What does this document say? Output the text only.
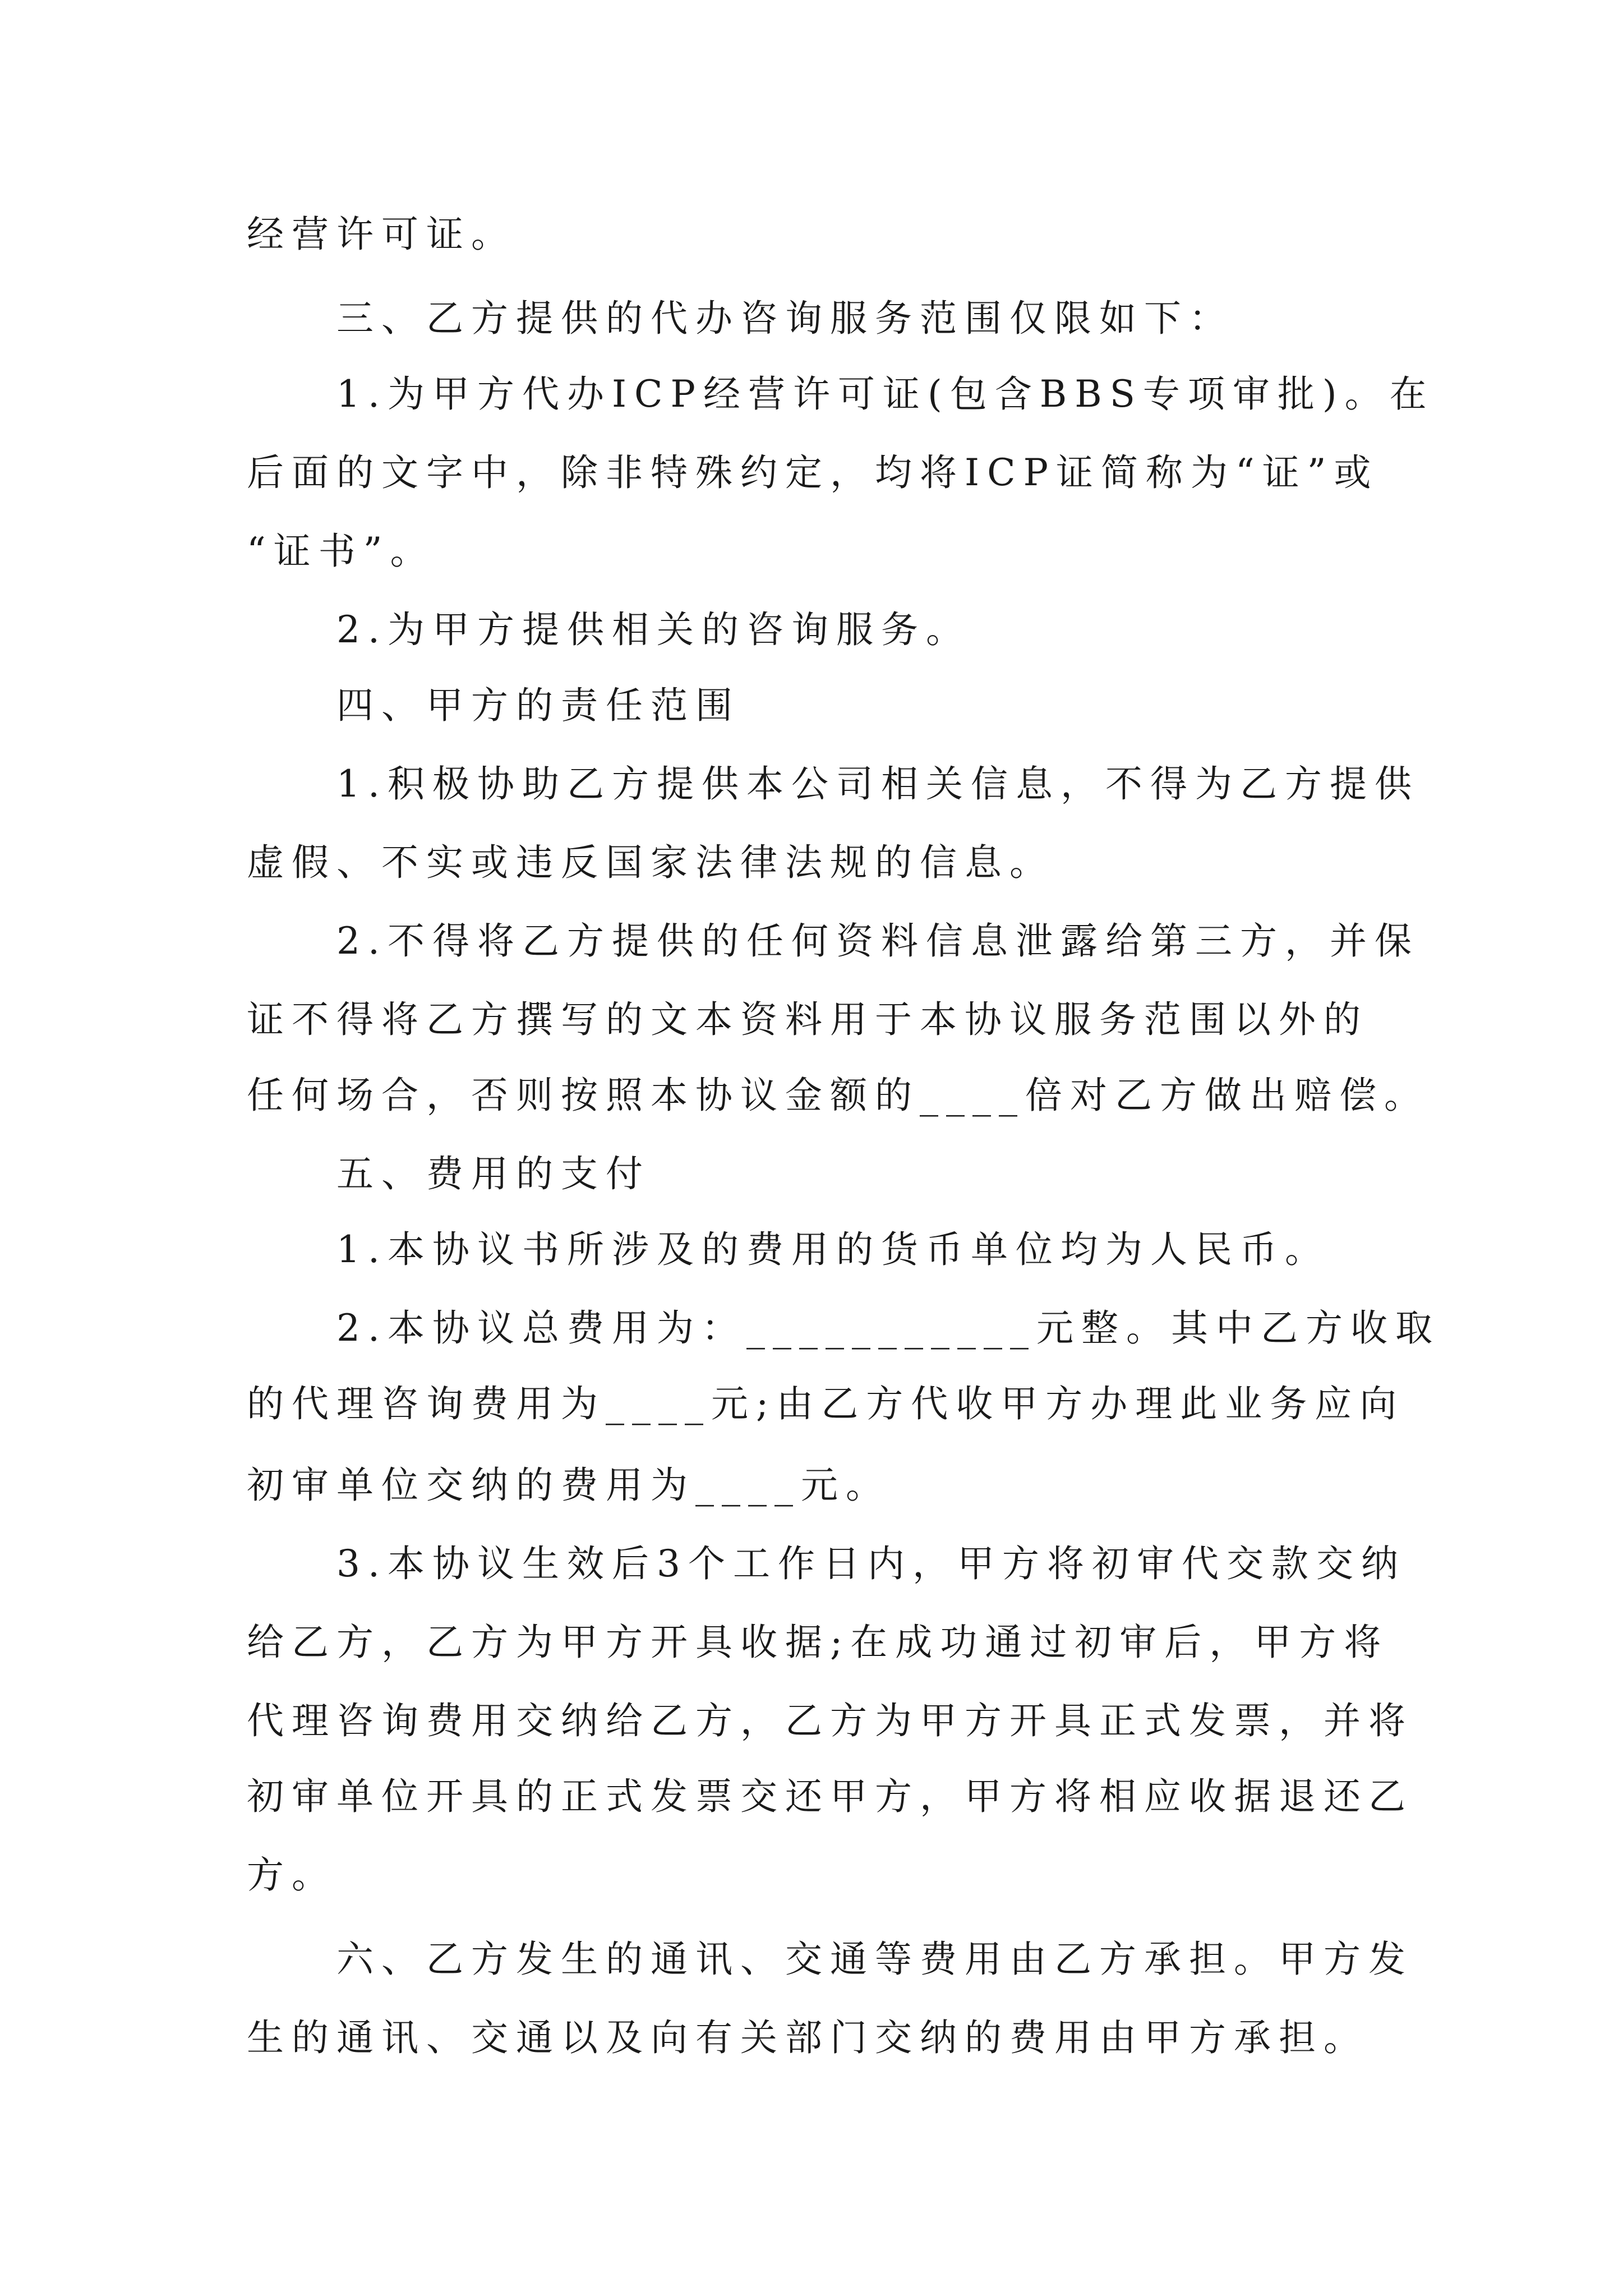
经营许可证。

三、乙方提供的代办咨询服务范围仅限如下：

1.为甲方代办ICP经营许可证(包含BBS专项审批)。在

后面的文字中，除非特殊约定，均将ICP证简称为“证”或

“证书”。

2.为甲方提供相关的咨询服务。

四、甲方的责任范围

1.积极协助乙方提供本公司相关信息，不得为乙方提供

虚假、不实或违反国家法律法规的信息。

2.不得将乙方提供的任何资料信息泄露给第三方，并保

证不得将乙方撰写的文本资料用于本协议服务范围以外的

任何场合，否则按照本协议金额的____倍对乙方做出赔偿。

五、费用的支付

1.本协议书所涉及的费用的货币单位均为人民币。

2.本协议总费用为：___________元整。其中乙方收取

的代理咨询费用为____元;由乙方代收甲方办理此业务应向

初审单位交纳的费用为____元。

3.本协议生效后3个工作日内，甲方将初审代交款交纳

给乙方，乙方为甲方开具收据;在成功通过初审后，甲方将

代理咨询费用交纳给乙方，乙方为甲方开具正式发票，并将

初审单位开具的正式发票交还甲方，甲方将相应收据退还乙

方。

六、乙方发生的通讯、交通等费用由乙方承担。甲方发

生的通讯、交通以及向有关部门交纳的费用由甲方承担。
